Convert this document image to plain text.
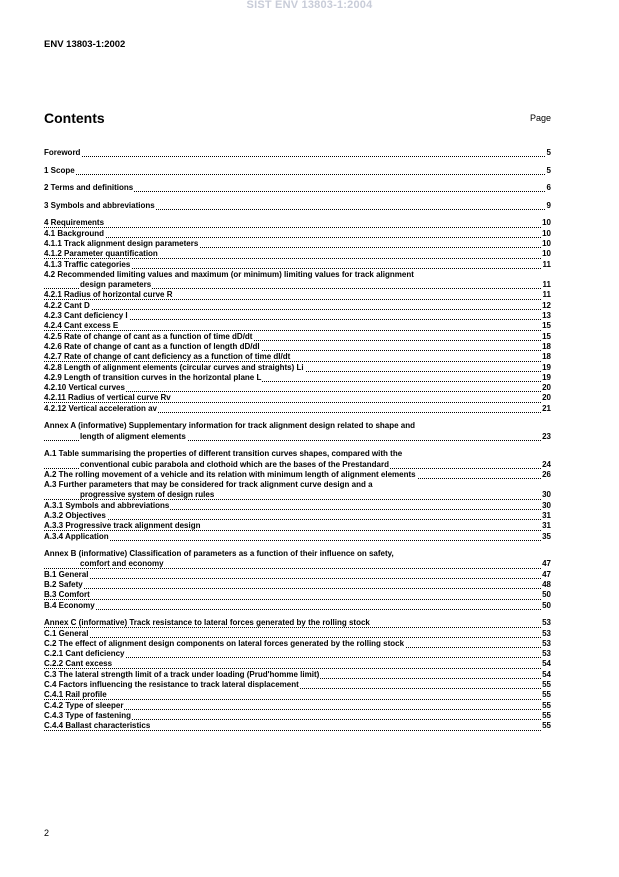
SIST ENV 13803-1:2004
ENV 13803-1:2002
Contents	Page
Foreword	5
1 Scope	5
2 Terms and definitions	6
3 Symbols and abbreviations	9
4 Requirements	10
4.1 Background	10
4.1.1 Track alignment design parameters	10
4.1.2 Parameter quantification	10
4.1.3 Traffic categories	11
4.2 Recommended limiting values and maximum (or minimum) limiting values for track alignment
design parameters	11
4.2.1 Radius of horizontal curve R	11
4.2.2 Cant D	12
4.2.3 Cant deficiency I	13
4.2.4 Cant excess E	15
4.2.5 Rate of change of cant as a function of time dD/dt	15
4.2.6 Rate of change of cant as a function of length dD/dl	18
4.2.7 Rate of change of cant deficiency as a function of time dI/dt	18
4.2.8 Length of alignment elements (circular curves and straights) Li	19
4.2.9 Length of transition curves in the horizontal plane L	19
4.2.10 Vertical curves	20
4.2.11 Radius of vertical curve Rv	20
4.2.12 Vertical acceleration av	21
Annex A (informative) Supplementary information for track alignment design related to shape and
length of aligment elements	23
A.1 Table summarising the properties of different transition curves shapes, compared with the
conventional cubic parabola and clothoid which are the bases of the Prestandard	24
A.2 The rolling movement of a vehicle and its relation with minimum length of alignment elements	26
A.3 Further parameters that may be considered for track alignment curve design and a
progressive system of design rules	30
A.3.1 Symbols and abbreviations	30
A.3.2 Objectives	31
A.3.3 Progressive track alignment design	31
A.3.4 Application	35
Annex B (informative) Classification of parameters as a function of their influence on safety,
comfort and economy	47
B.1 General	47
B.2 Safety	48
B.3 Comfort	50
B.4 Economy	50
Annex C (informative) Track resistance to lateral forces generated by the rolling stock	53
C.1 General	53
C.2 The effect of alignment design components on lateral forces generated by the rolling stock	53
C.2.1 Cant deficiency	53
C.2.2 Cant excess	54
C.3 The lateral strength limit of a track under loading (Prud'homme limit)	54
C.4 Factors influencing the resistance to track lateral displacement	55
C.4.1 Rail profile	55
C.4.2 Type of sleeper	55
C.4.3 Type of fastening	55
C.4.4 Ballast characteristics	55
2
